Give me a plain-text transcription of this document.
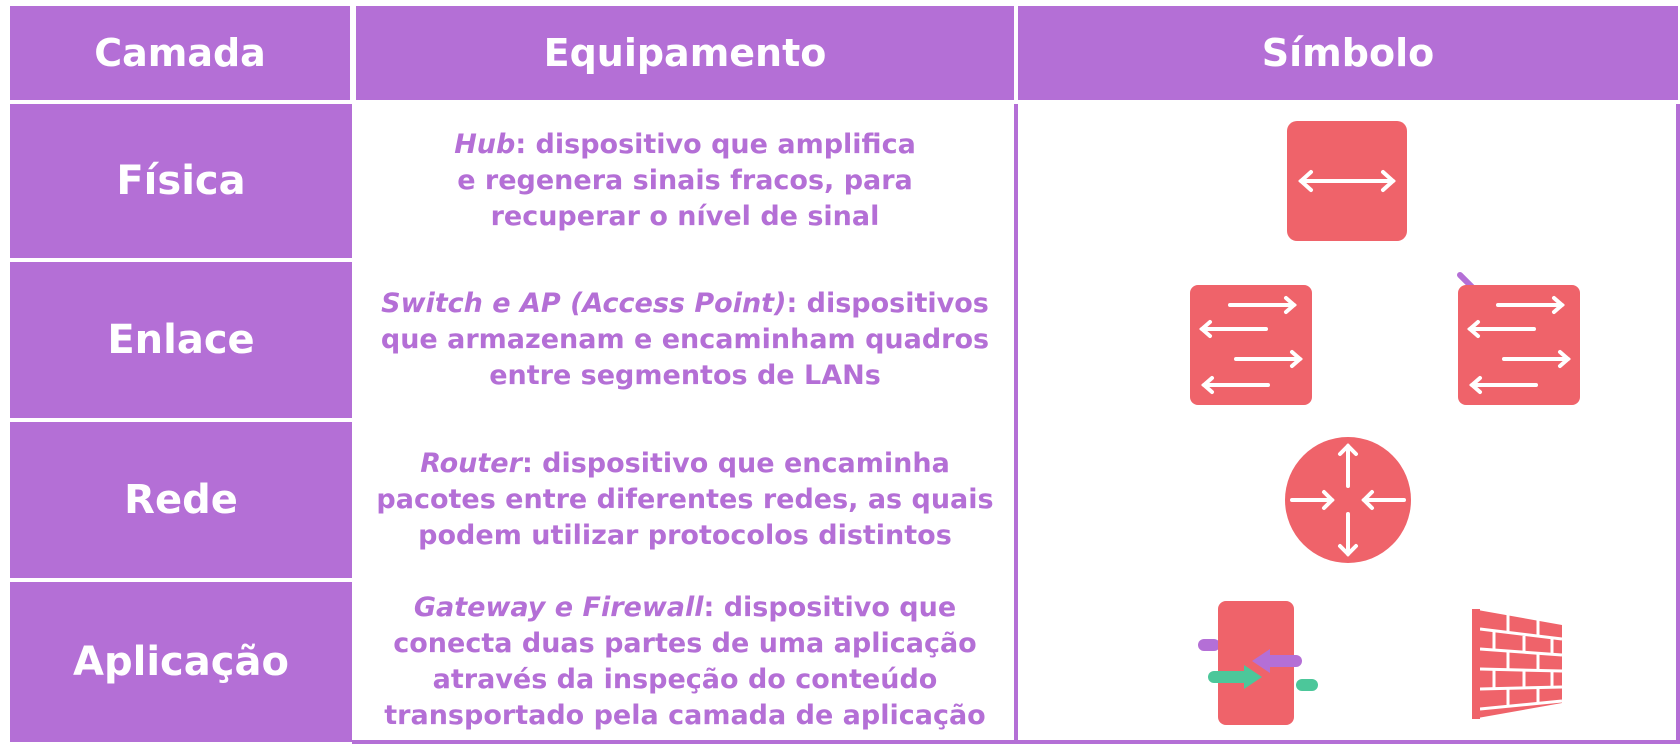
Camada	Equipamento	Símbolo
Física
Hub: dispositivo que amplifica
e regenera sinais fracos, para
recuperar o nível de sinal
Enlace
Switch e AP (Access Point): dispositivos
que armazenam e encaminham quadros
entre segmentos de LANs
Rede
Router: dispositivo que encaminha
pacotes entre diferentes redes, as quais
podem utilizar protocolos distintos
Aplicação
Gateway e Firewall: dispositivo que
conecta duas partes de uma aplicação
através da inspeção do conteúdo
transportado pela camada de aplicação
